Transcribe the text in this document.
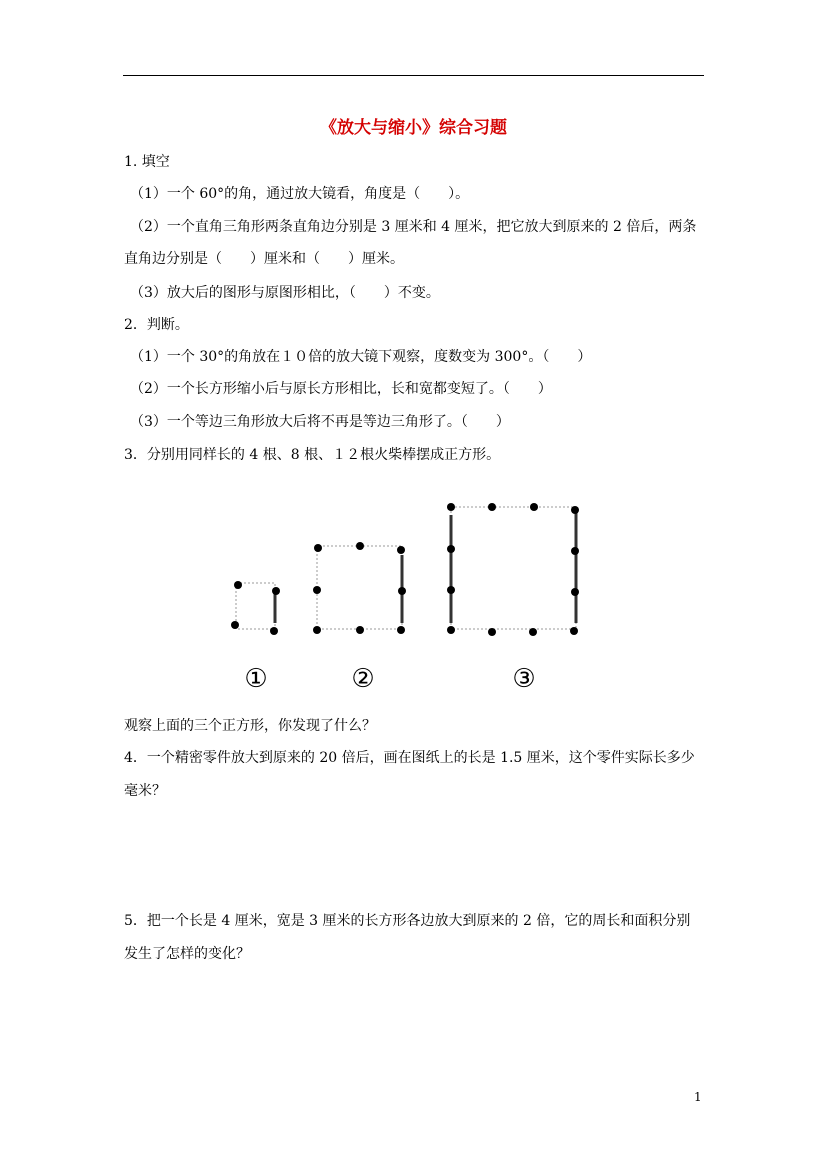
《放大与缩小》综合习题
1. 填空
（1）一个 60°的角，通过放大镜看，角度是（　　）。
（2）一个直角三角形两条直角边分别是 3 厘米和 4 厘米，把它放大到原来的 2 倍后，两条
直角边分别是（　　）厘米和（　　）厘米。
（3）放大后的图形与原图形相比，（　　）不变。
2．判断。
（1）一个 30°的角放在１０倍的放大镜下观察，度数变为 300°。（　　）
（2）一个长方形缩小后与原长方形相比，长和宽都变短了。（　　）
（3）一个等边三角形放大后将不再是等边三角形了。（　　）
3．分别用同样长的 4 根、8 根、１２根火柴棒摆成正方形。
①	②	③
观察上面的三个正方形，你发现了什么？
4．一个精密零件放大到原来的 20 倍后，画在图纸上的长是 1.5 厘米，这个零件实际长多少
毫米？
5．把一个长是 4 厘米，宽是 3 厘米的长方形各边放大到原来的 2 倍，它的周长和面积分别
发生了怎样的变化？
1
